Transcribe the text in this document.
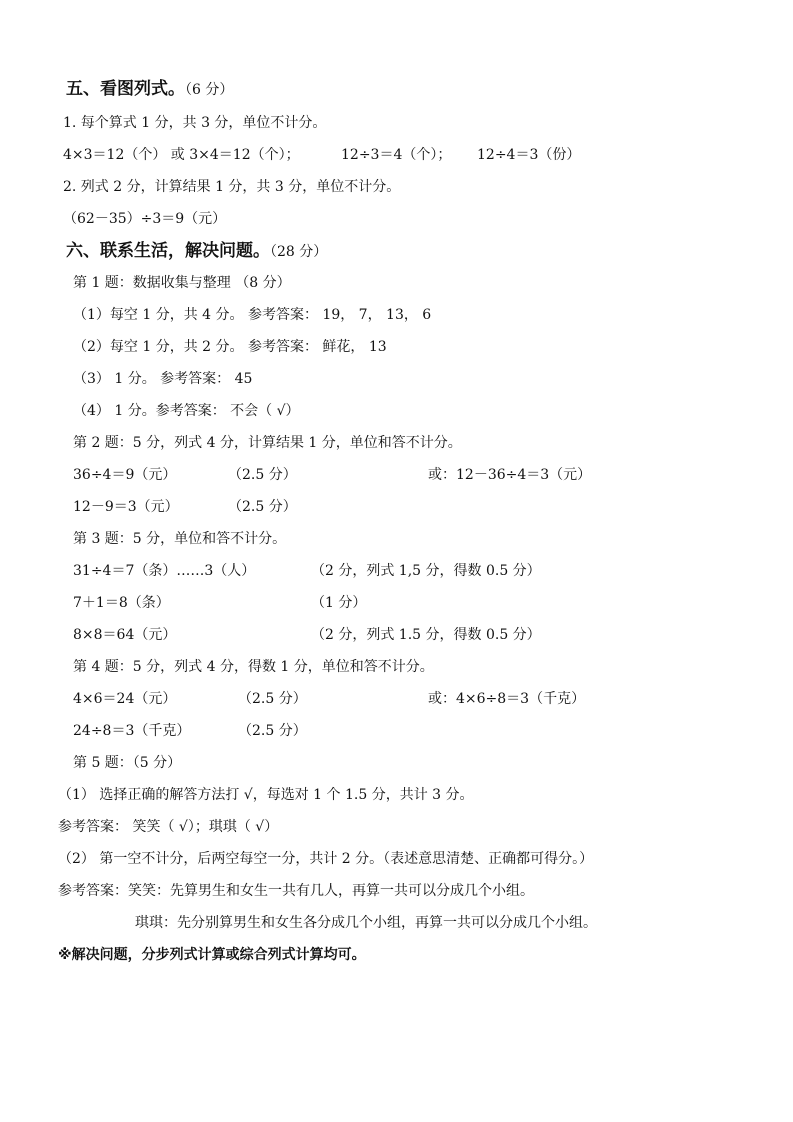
五、看图列式。（6 分）
1. 每个算式 1 分，共 3 分，单位不计分。
4×3＝12（个） 或 3×4＝12（个）；	12÷3＝4（个）； 12÷4＝3（份）
2. 列式 2 分，计算结果 1 分，共 3 分，单位不计分。
（62－35）÷3＝9（元）
六、联系生活，解决问题。（28 分）
第 1 题：数据收集与整理 （8 分）
（1）每空 1 分，共 4 分。 参考答案： 19， 7， 13， 6
（2）每空 1 分，共 2 分。 参考答案： 鲜花， 13
（3） 1 分。 参考答案： 45
（4） 1 分。参考答案： 不会（ √）
第 2 题：5 分，列式 4 分，计算结果 1 分，单位和答不计分。
36÷4＝9（元）	（2.5 分）	或：12－36÷4＝3（元）
12－9＝3（元）	（2.5 分）
第 3 题：5 分，单位和答不计分。
31÷4＝7（条）……3（人）	（2 分，列式 1,5 分，得数 0.5 分）
7＋1＝8（条）	（1 分）
8×8＝64（元）	（2 分，列式 1.5 分，得数 0.5 分）
第 4 题：5 分，列式 4 分，得数 1 分，单位和答不计分。
4×6＝24（元）	（2.5 分）	或：4×6÷8＝3（千克）
24÷8＝3（千克）	（2.5 分）
第 5 题：（5 分）
（1） 选择正确的解答方法打 √，每选对 1 个 1.5 分，共计 3 分。
参考答案： 笑笑（ √）；琪琪（ √）
（2） 第一空不计分，后两空每空一分，共计 2 分。（表述意思清楚、正确都可得分。）
参考答案：笑笑：先算男生和女生一共有几人，再算一共可以分成几个小组。
琪琪：先分别算男生和女生各分成几个小组，再算一共可以分成几个小组。
※解决问题，分步列式计算或综合列式计算均可。
